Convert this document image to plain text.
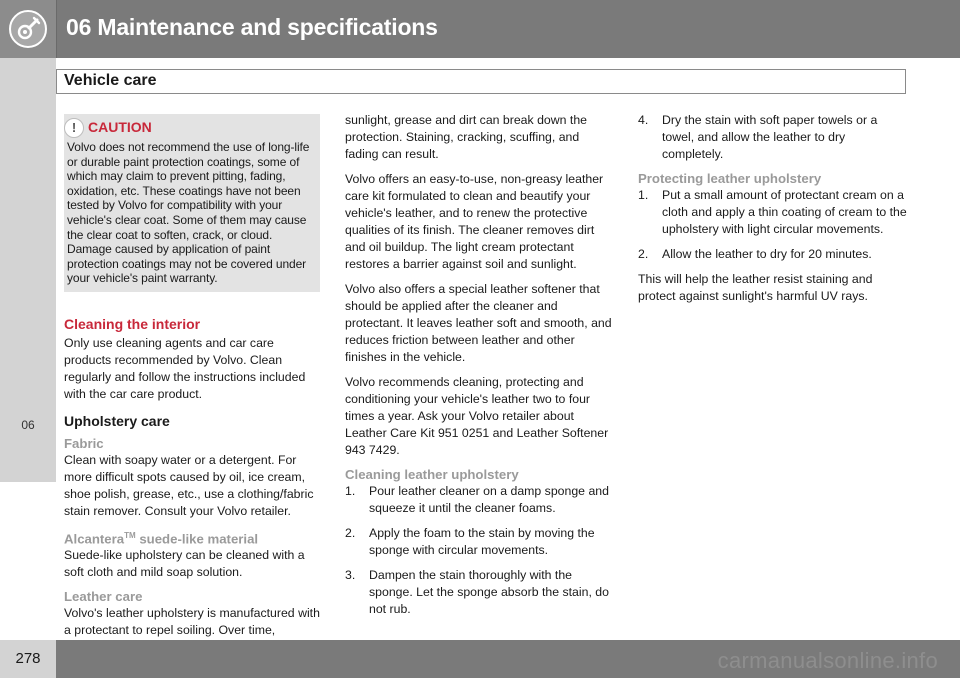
06 Maintenance and specifications
Vehicle care
06
! CAUTION
Volvo does not recommend the use of long-life or durable paint protection coatings, some of which may claim to prevent pitting, fading, oxidation, etc. These coatings have not been tested by Volvo for compatibility with your vehicle's clear coat. Some of them may cause the clear coat to soften, crack, or cloud. Damage caused by application of paint protection coatings may not be covered under your vehicle's paint warranty.
Cleaning the interior

Only use cleaning agents and car care products recommended by Volvo. Clean regularly and follow the instructions included with the car care product.

Upholstery care
Fabric

Clean with soapy water or a detergent. For more difficult spots caused by oil, ice cream, shoe polish, grease, etc., use a clothing/fabric stain remover. Consult your Volvo retailer.

Alcantera™ suede-like material

Suede-like upholstery can be cleaned with a soft cloth and mild soap solution.

Leather care

Volvo's leather upholstery is manufactured with a protectant to repel soiling. Over time,

sunlight, grease and dirt can break down the protection. Staining, cracking, scuffing, and fading can result.

Volvo offers an easy-to-use, non-greasy leather care kit formulated to clean and beautify your vehicle's leather, and to renew the protective qualities of its finish. The cleaner removes dirt and oil buildup. The light cream protectant restores a barrier against soil and sunlight.

Volvo also offers a special leather softener that should be applied after the cleaner and protectant. It leaves leather soft and smooth, and reduces friction between leather and other finishes in the vehicle.

Volvo recommends cleaning, protecting and conditioning your vehicle's leather two to four times a year. Ask your Volvo retailer about Leather Care Kit 951 0251 and Leather Softener 943 7429.

Cleaning leather upholstery
1. Pour leather cleaner on a damp sponge and squeeze it until the cleaner foams.
2. Apply the foam to the stain by moving the sponge with circular movements.
3. Dampen the stain thoroughly with the sponge. Let the sponge absorb the stain, do not rub.
4. Dry the stain with soft paper towels or a towel, and allow the leather to dry completely.
Protecting leather upholstery
1. Put a small amount of protectant cream on a cloth and apply a thin coating of cream to the upholstery with light circular movements.
2. Allow the leather to dry for 20 minutes.

This will help the leather resist staining and protect against sunlight's harmful UV rays.

278	carmanualsonline.info
